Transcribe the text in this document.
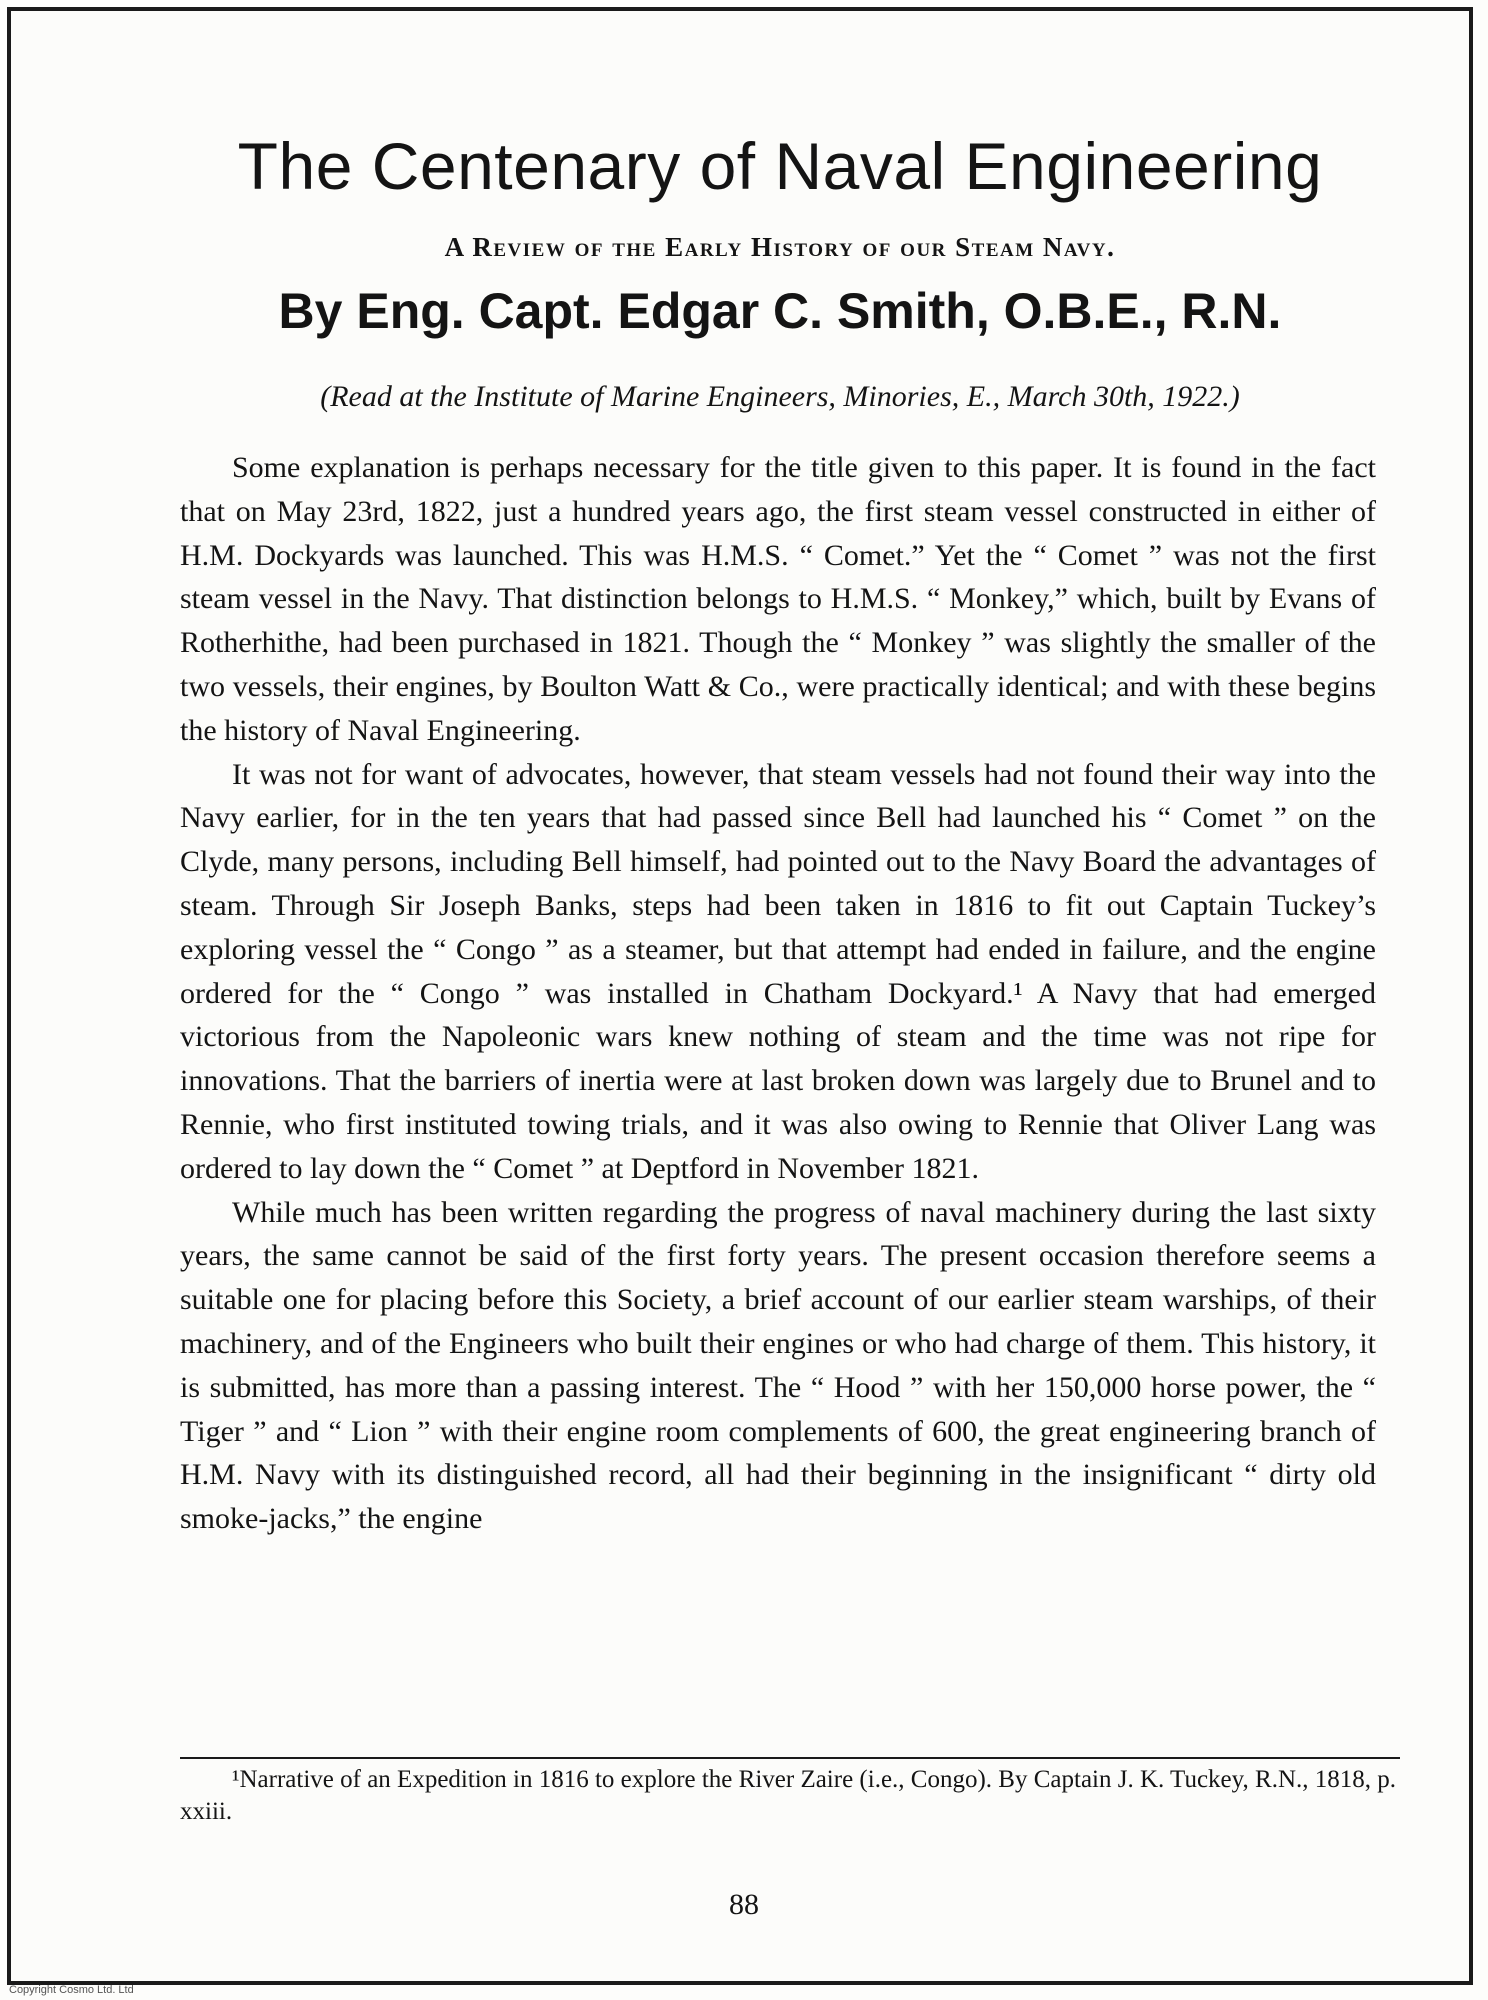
The Centenary of Naval Engineering
A Review of the Early History of our Steam Navy.
By Eng. Capt. Edgar C. Smith, O.B.E., R.N.

(Read at the Institute of Marine Engineers, Minories, E., March 30th, 1922.)

Some explanation is perhaps necessary for the title given to this paper. It is found in the fact that on May 23rd, 1822, just a hundred years ago, the first steam vessel constructed in either of H.M. Dockyards was launched. This was H.M.S. “ Comet.” Yet the “ Comet ” was not the first steam vessel in the Navy. That distinction belongs to H.M.S. “ Monkey,” which, built by Evans of Rotherhithe, had been purchased in 1821. Though the “ Monkey ” was slightly the smaller of the two vessels, their engines, by Boulton Watt & Co., were practically identical; and with these begins the history of Naval Engineering.

It was not for want of advocates, however, that steam vessels had not found their way into the Navy earlier, for in the ten years that had passed since Bell had launched his “ Comet ” on the Clyde, many persons, including Bell himself, had pointed out to the Navy Board the advantages of steam. Through Sir Joseph Banks, steps had been taken in 1816 to fit out Captain Tuckey’s exploring vessel the “ Congo ” as a steamer, but that attempt had ended in failure, and the engine ordered for the “ Congo ” was installed in Chatham Dockyard.¹ A Navy that had emerged victorious from the Napoleonic wars knew nothing of steam and the time was not ripe for innovations. That the barriers of inertia were at last broken down was largely due to Brunel and to Rennie, who first instituted towing trials, and it was also owing to Rennie that Oliver Lang was ordered to lay down the “ Comet ” at Deptford in November 1821.

While much has been written regarding the progress of naval machinery during the last sixty years, the same cannot be said of the first forty years. The present occasion therefore seems a suitable one for placing before this Society, a brief account of our earlier steam warships, of their machinery, and of the Engineers who built their engines or who had charge of them. This history, it is submitted, has more than a passing interest. The “ Hood ” with her 150,000 horse power, the “ Tiger ” and “ Lion ” with their engine room complements of 600, the great engineering branch of H.M. Navy with its distinguished record, all had their beginning in the insignificant “ dirty old smoke-jacks,” the engine

¹Narrative of an Expedition in 1816 to explore the River Zaire (i.e., Congo). By Captain J. K. Tuckey, R.N., 1818, p. xxiii.

88

Copyright Cosmo Ltd. Ltd
